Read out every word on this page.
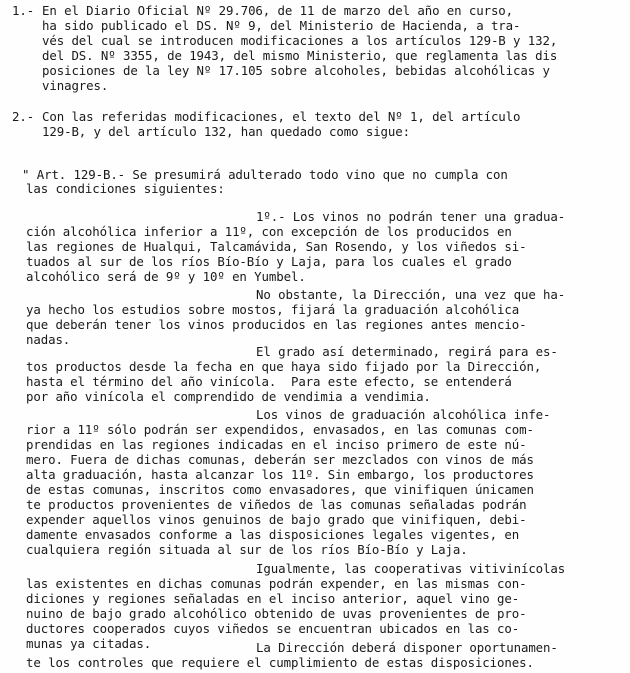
1.- En el Diario Oficial Nº 29.706, de 11 de marzo del año en curso,
ha sido publicado el DS. Nº 9, del Ministerio de Hacienda, a tra-
vés del cual se introducen modificaciones a los artículos 129-B y 132,
del DS. Nº 3355, de 1943, del mismo Ministerio, que reglamenta las dis
posiciones de la ley Nº 17.105 sobre alcoholes, bebidas alcohólicas y
vinagres.
2.- Con las referidas modificaciones, el texto del Nº 1, del artículo
129-B, y del artículo 132, han quedado como sigue:
" Art. 129-B.- Se presumirá adulterado todo vino que no cumpla con
las condiciones siguientes:
1º.- Los vinos no podrán tener una gradua-
ción alcohólica inferior a 11º, con excepción de los producidos en
las regiones de Hualqui, Talcamávida, San Rosendo, y los viñedos si-
tuados al sur de los ríos Bío-Bío y Laja, para los cuales el grado
alcohólico será de 9º y 10º en Yumbel.
No obstante, la Dirección, una vez que ha-
ya hecho los estudios sobre mostos, fijará la graduación alcohólica
que deberán tener los vinos producidos en las regiones antes mencio-
nadas.
El grado así determinado, regirá para es-
tos productos desde la fecha en que haya sido fijado por la Dirección,
hasta el término del año vinícola.  Para este efecto, se entenderá
por año vinícola el comprendido de vendimia a vendimia.
Los vinos de graduación alcohólica infe-
rior a 11º sólo podrán ser expendidos, envasados, en las comunas com-
prendidas en las regiones indicadas en el inciso primero de este nú-
mero. Fuera de dichas comunas, deberán ser mezclados con vinos de más
alta graduación, hasta alcanzar los 11º. Sin embargo, los productores
de estas comunas, inscritos como envasadores, que vinifiquen únicamen
te productos provenientes de viñedos de las comunas señaladas podrán
expender aquellos vinos genuinos de bajo grado que vinifiquen, debi-
damente envasados conforme a las disposiciones legales vigentes, en
cualquiera región situada al sur de los ríos Bío-Bío y Laja.
Igualmente, las cooperativas vitivinícolas
las existentes en dichas comunas podrán expender, en las mismas con-
diciones y regiones señaladas en el inciso anterior, aquel vino ge-
nuino de bajo grado alcohólico obtenido de uvas provenientes de pro-
ductores cooperados cuyos viñedos se encuentran ubicados en las co-
munas ya citadas.	La Dirección deberá disponer oportunamen-
te los controles que requiere el cumplimiento de estas disposiciones.
